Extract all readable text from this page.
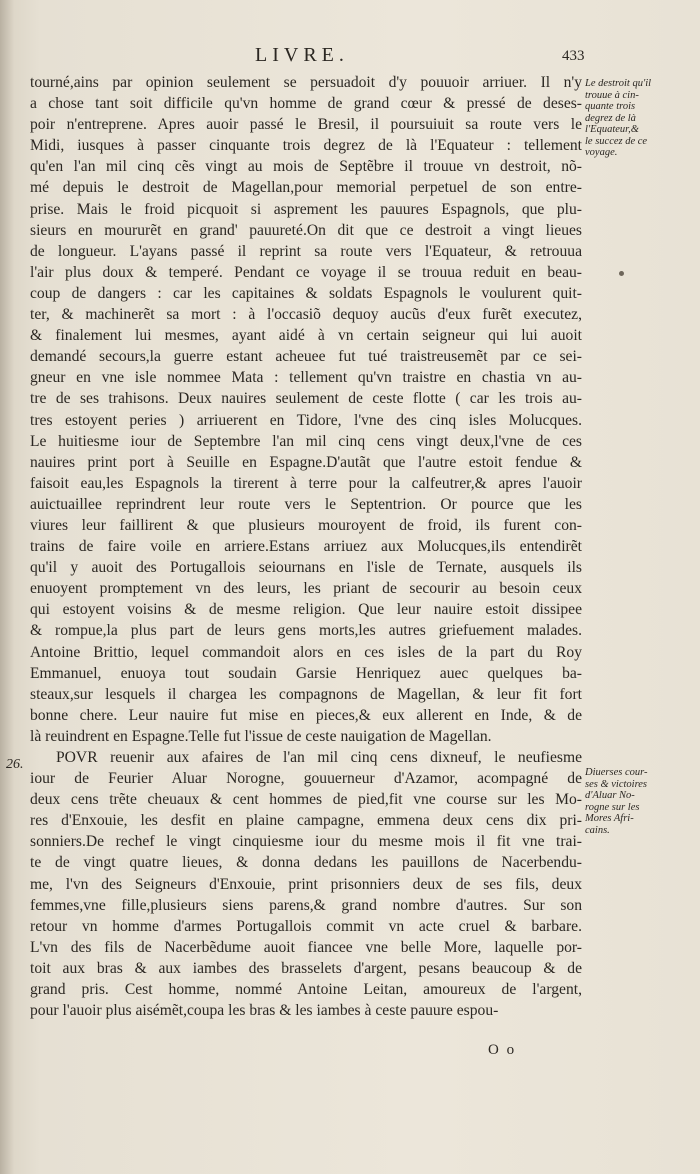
LIVRE.	433
tourné,ains par opinion seulement se persuadoit d'y pouuoir arriuer. Il n'y
a chose tant soit difficile qu'vn homme de grand cœur & pressé de deses-
poir n'entreprene. Apres auoir passé le Bresil, il poursuiuit sa route vers le
Midi, iusques à passer cinquante trois degrez de là l'Equateur : tellement
qu'en l'an mil cinq cẽs vingt au mois de Septẽbre il trouue vn destroit, nõ-
mé depuis le destroit de Magellan,pour memorial perpetuel de son entre-
prise. Mais le froid picquoit si asprement les pauures Espagnols, que plu-
sieurs en moururẽt en grand' pauureté.On dit que ce destroit a vingt lieues
de longueur. L'ayans passé il reprint sa route vers l'Equateur, & retrouua
l'air plus doux & temperé. Pendant ce voyage il se trouua reduit en beau-
coup de dangers : car les capitaines & soldats Espagnols le voulurent quit-
ter, & machinerẽt sa mort : à l'occasiõ dequoy aucũs d'eux furẽt executez,
& finalement lui mesmes, ayant aidé à vn certain seigneur qui lui auoit
demandé secours,la guerre estant acheuee fut tué traistreusemẽt par ce sei-
gneur en vne isle nommee Mata : tellement qu'vn traistre en chastia vn au-
tre de ses trahisons. Deux nauires seulement de ceste flotte ( car les trois au-
tres estoyent peries ) arriuerent en Tidore, l'vne des cinq isles Molucques.
Le huitiesme iour de Septembre l'an mil cinq cens vingt deux,l'vne de ces
nauires print port à Seuille en Espagne.D'autãt que l'autre estoit fendue &
faisoit eau,les Espagnols la tirerent à terre pour la calfeutrer,& apres l'auoir
auictuaillee reprindrent leur route vers le Septentrion. Or pource que les
viures leur faillirent & que plusieurs mouroyent de froid, ils furent con-
trains de faire voile en arriere.Estans arriuez aux Molucques,ils entendirẽt
qu'il y auoit des Portugallois seiournans en l'isle de Ternate, ausquels ils
enuoyent promptement vn des leurs, les priant de secourir au besoin ceux
qui estoyent voisins & de mesme religion. Que leur nauire estoit dissipee
& rompue,la plus part de leurs gens morts,les autres griefuement malades.
Antoine Brittio, lequel commandoit alors en ces isles de la part du Roy
Emmanuel, enuoya tout soudain Garsie Henriquez auec quelques ba-
steaux,sur lesquels il chargea les compagnons de Magellan, & leur fit fort
bonne chere. Leur nauire fut mise en pieces,& eux allerent en Inde, & de
là reuindrent en Espagne.Telle fut l'issue de ceste nauigation de Magellan.
POVR reuenir aux afaires de l'an mil cinq cens dixneuf, le neufiesme
iour de Feurier Aluar Norogne, gouuerneur d'Azamor, acompagné de
deux cens trẽte cheuaux & cent hommes de pied,fit vne course sur les Mo-
res d'Enxouie, les desfit en plaine campagne, emmena deux cens dix pri-
sonniers.De rechef le vingt cinquiesme iour du mesme mois il fit vne trai-
te de vingt quatre lieues, & donna dedans les pauillons de Nacerbendu-
me, l'vn des Seigneurs d'Enxouie, print prisonniers deux de ses fils, deux
femmes,vne fille,plusieurs siens parens,& grand nombre d'autres. Sur son
retour vn homme d'armes Portugallois commit vn acte cruel & barbare.
L'vn des fils de Nacerbẽdume auoit fiancee vne belle More, laquelle por-
toit aux bras & aux iambes des brasselets d'argent, pesans beaucoup & de
grand pris. Cest homme, nommé Antoine Leitan, amoureux de l'argent,
pour l'auoir plus aisémẽt,coupa les bras & les iambes à ceste pauure espou-
26.
Le destroit qu'il
trouue à cin-
quante trois
degrez de là
l'Equateur,&
le succez de ce
voyage.
Diuerses cour-
ses & victoires
d'Aluar No-
rogne sur les
Mores Afri-
cains.
O o
